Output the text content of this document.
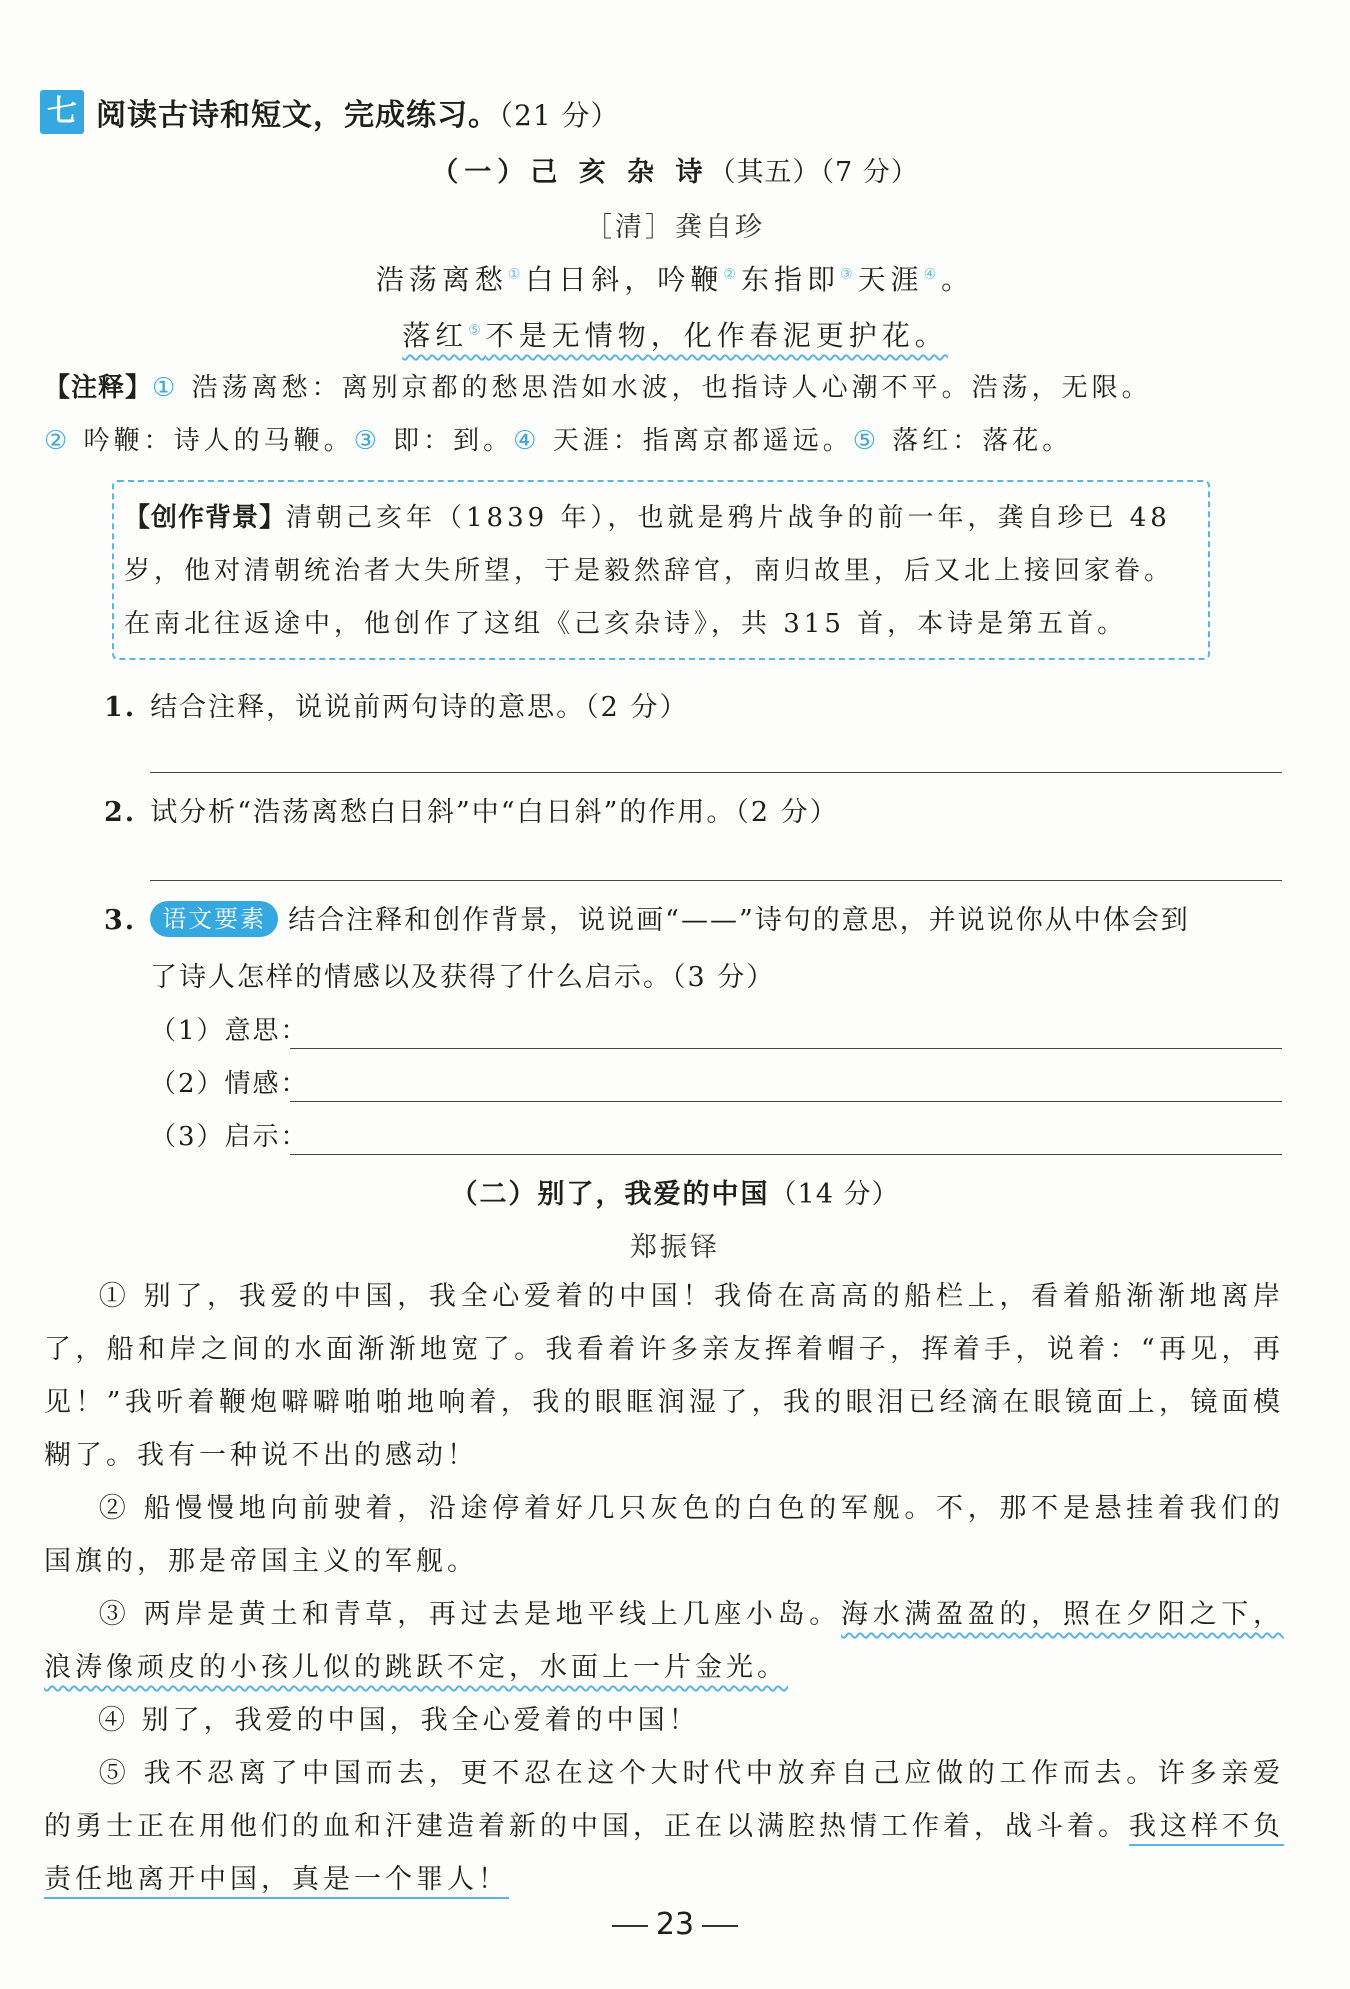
七 阅读古诗和短文，完成练习。（21 分）
（一）己 亥 杂 诗（其五）（7 分）
［清］龚自珍
浩荡离愁①白日斜，吟鞭②东指即③天涯④。
落红⑤不是无情物，化作春泥更护花。
【注释】① 浩荡离愁：离别京都的愁思浩如水波，也指诗人心潮不平。浩荡，无限。
② 吟鞭：诗人的马鞭。③ 即：到。④ 天涯：指离京都遥远。⑤ 落红：落花。
【创作背景】清朝己亥年（1839 年），也就是鸦片战争的前一年，龚自珍已 48 岁，他对清朝统治者大失所望，于是毅然辞官，南归故里，后又北上接回家眷。在南北往返途中，他创作了这组《己亥杂诗》，共 315 首，本诗是第五首。
1. 结合注释，说说前两句诗的意思。（2 分）
2. 试分析“浩荡离愁白日斜”中“白日斜”的作用。（2 分）
3. 语文要素 结合注释和创作背景，说说画“——”诗句的意思，并说说你从中体会到
了诗人怎样的情感以及获得了什么启示。（3 分）
（1）意思：
（2）情感：
（3）启示：
（二）别了，我爱的中国（14 分）
郑振铎
① 别了，我爱的中国，我全心爱着的中国！我倚在高高的船栏上，看着船渐渐地离岸了，船和岸之间的水面渐渐地宽了。我看着许多亲友挥着帽子，挥着手，说着：“再见，再见！”我听着鞭炮噼噼啪啪地响着，我的眼眶润湿了，我的眼泪已经滴在眼镜面上，镜面模糊了。我有一种说不出的感动！
② 船慢慢地向前驶着，沿途停着好几只灰色的白色的军舰。不，那不是悬挂着我们的国旗的，那是帝国主义的军舰。
③ 两岸是黄土和青草，再过去是地平线上几座小岛。海水满盈盈的，照在夕阳之下，浪涛像顽皮的小孩儿似的跳跃不定，水面上一片金光。
④ 别了，我爱的中国，我全心爱着的中国！
⑤ 我不忍离了中国而去，更不忍在这个大时代中放弃自己应做的工作而去。许多亲爱的勇士正在用他们的血和汗建造着新的中国，正在以满腔热情工作着，战斗着。我这样不负责任地离开中国，真是一个罪人！
23
